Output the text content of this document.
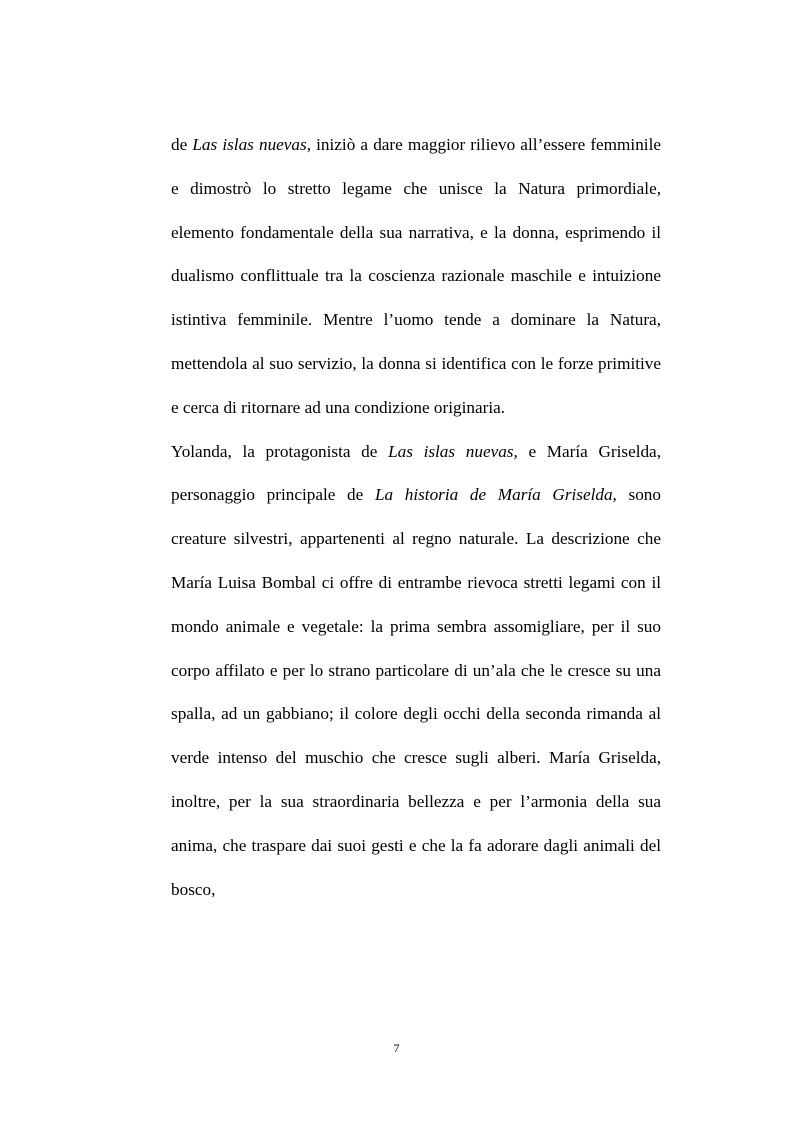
de Las islas nuevas, iniziò a dare maggior rilievo all’essere femminile e dimostrò lo stretto legame che unisce la Natura primordiale, elemento fondamentale della sua narrativa, e la donna, esprimendo il dualismo conflittuale tra la coscienza razionale maschile e intuizione istintiva femminile. Mentre l’uomo tende a dominare la Natura, mettendola al suo servizio, la donna si identifica con le forze primitive e cerca di ritornare ad una condizione originaria.

Yolanda, la protagonista de Las islas nuevas, e María Griselda, personaggio principale de La historia de María Griselda, sono creature silvestri, appartenenti al regno naturale. La descrizione che María Luisa Bombal ci offre di entrambe rievoca stretti legami con il mondo animale e vegetale: la prima sembra assomigliare, per il suo corpo affilato e per lo strano particolare di un’ala che le cresce su una spalla, ad un gabbiano; il colore degli occhi della seconda rimanda al verde intenso del muschio che cresce sugli alberi. María Griselda, inoltre, per la sua straordinaria bellezza e per l’armonia della sua anima, che traspare dai suoi gesti e che la fa adorare dagli animali del bosco,

7
